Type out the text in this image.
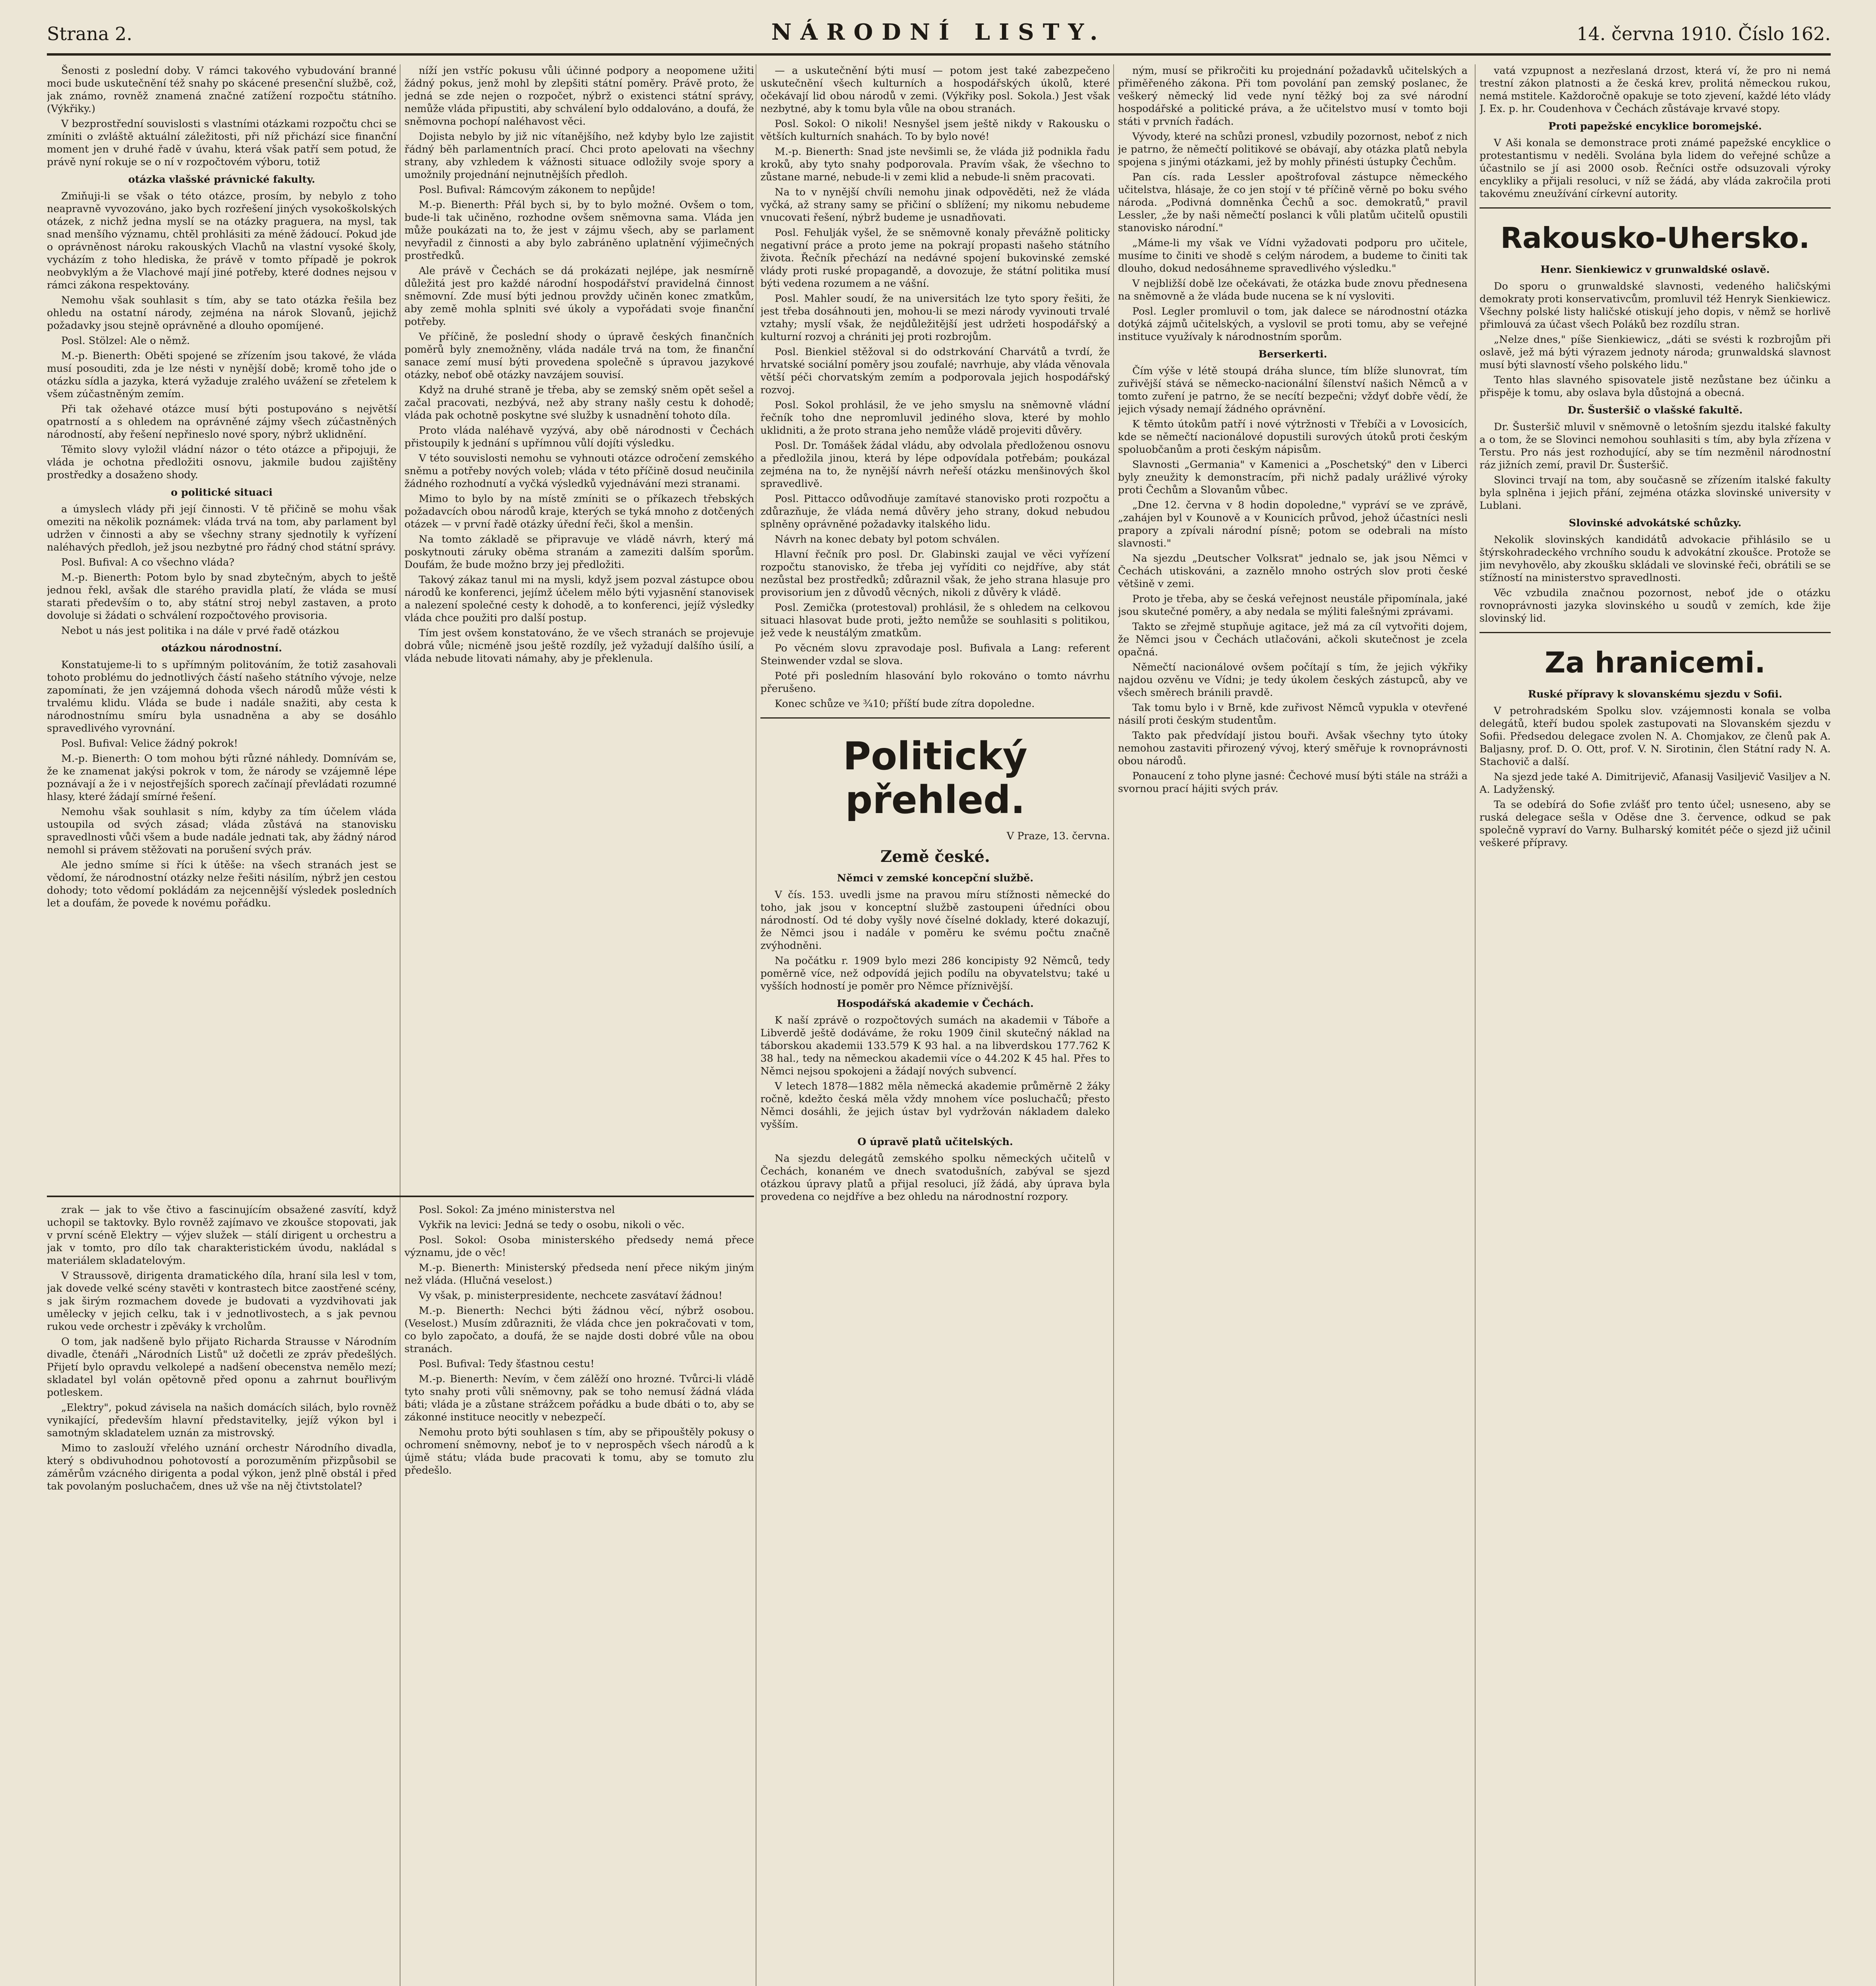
Strana 2.	NÁRODNÍ LISTY.	14. června 1910. Číslo 162.

Šenosti z poslední doby. V rámci takového vybudování branné moci bude uskutečnění též snahy po skácené presenční službě, což, jak známo, rovněž znamená značné zatížení rozpočtu státního. (Výkřiky.)

V bezprostřední souvislosti s vlastními otázkami rozpočtu chci se zmíniti o zvláště aktuální záležitosti, při níž přichází sice finanční moment jen v druhé řadě v úvahu, která však patří sem potud, že právě nyní rokuje se o ní v rozpočtovém výboru, totiž

otázka vlašské právnické fakulty.

Zmiňuji-li se však o této otázce, prosím, by nebylo z toho neapravně vyvozováno, jako bych rozřešení jiných vysokoškolských otázek, z nichž jedna myslí se na otázky praguera, na mysl, tak snad menšího významu, chtěl prohlásiti za méně žádoucí. Pokud jde o oprávněnost nároku rakouských Vlachů na vlastní vysoké školy, vycházím z toho hlediska, že právě v tomto případě je pokrok neobvyklým a že Vlachové mají jiné potřeby, které dodnes nejsou v rámci zákona respektovány.

Nemohu však souhlasit s tím, aby se tato otázka řešila bez ohledu na ostatní národy, zejména na nárok Slovanů, jejichž požadavky jsou stejně oprávněné a dlouho opomíjené.

Posl. Stölzel: Ale o němž.

M.-p. Bienerth: Oběti spojené se zřízením jsou takové, že vláda musí posouditi, zda je lze nésti v nynější době; kromě toho jde o otázku sídla a jazyka, která vyžaduje zralého uvážení se zřetelem k všem zúčastněným zemím.

Při tak ožehavé otázce musí býti postupováno s největší opatrností a s ohledem na oprávněné zájmy všech zúčastněných národností, aby řešení nepřineslo nové spory, nýbrž uklidnění.

Těmito slovy vyložil vládní názor o této otázce a připojuji, že vláda je ochotna předložiti osnovu, jakmile budou zajištěny prostředky a dosaženo shody.

o politické situaci

a úmyslech vlády při její činnosti. V tě přičině se mohu však omeziti na několik poznámek: vláda trvá na tom, aby parlament byl udržen v činnosti a aby se všechny strany sjednotily k vyřízení naléhavých předloh, jež jsou nezbytné pro řádný chod státní správy.

Posl. Bufival: A co všechno vláda?

M.-p. Bienerth: Potom bylo by snad zbytečným, abych to ještě jednou řekl, avšak dle starého pravidla platí, že vláda se musí starati především o to, aby státní stroj nebyl zastaven, a proto dovoluje si žádati o schválení rozpočtového provisoria.

Nebot u nás jest politika i na dále v prvé řadě otázkou

otázkou národnostní.

Konstatujeme-li to s upřímným politováním, že totiž zasahovali tohoto problému do jednotlivých částí našeho státního vývoje, nelze zapomínati, že jen vzájemná dohoda všech národů může vésti k trvalému klidu. Vláda se bude i nadále snažiti, aby cesta k národnostnímu smíru byla usnadněna a aby se dosáhlo spravedlivého vyrovnání.

Posl. Bufival: Velice žádný pokrok!

M.-p. Bienerth: O tom mohou býti různé náhledy. Domnívám se, že ke znamenat jakýsi pokrok v tom, že národy se vzájemně lépe poznávají a že i v nejostřejších sporech začínají převládati rozumné hlasy, které žádají smírné řešení.

Nemohu však souhlasit s ním, kdyby za tím účelem vláda ustoupila od svých zásad; vláda zůstává na stanovisku spravedlnosti vůči všem a bude nadále jednati tak, aby žádný národ nemohl si právem stěžovati na porušení svých práv.

Ale jedno smíme si říci k útěše: na všech stranách jest se vědomí, že národnostní otázky nelze řešiti násilím, nýbrž jen cestou dohody; toto vědomí pokládám za nejcennější výsledek posledních let a doufám, že povede k novému pořádku.

níží jen vstříc pokusu vůli účinné podpory a neopomene užiti žádný pokus, jenž mohl by zlepšiti státní poměry. Právě proto, že jedná se zde nejen o rozpočet, nýbrž o existenci státní správy, nemůže vláda připustiti, aby schválení bylo oddalováno, a doufá, že sněmovna pochopí naléhavost věci.

Dojista nebylo by již nic vítanějšího, než kdyby bylo lze zajistit řádný běh parlamentních prací. Chci proto apelovati na všechny strany, aby vzhledem k vážnosti situace odložily svoje spory a umožnily projednání nejnutnějších předloh.

Posl. Bufival: Rámcovým zákonem to nepůjde!

M.-p. Bienerth: Přál bych si, by to bylo možné. Ovšem o tom, bude-li tak učiněno, rozhodne ovšem sněmovna sama. Vláda jen může poukázati na to, že jest v zájmu všech, aby se parlament nevyřadil z činnosti a aby bylo zabráněno uplatnění výjimečných prostředků.

Ale právě v Čechách se dá prokázati nejlépe, jak nesmírně důležitá jest pro každé národní hospodářství pravidelná činnost sněmovní. Zde musí býti jednou provždy učiněn konec zmatkům, aby země mohla splniti své úkoly a vypořádati svoje finanční potřeby.

Ve příčině, že poslední shody o úpravě českých finančních poměrů byly znemožněny, vláda nadále trvá na tom, že finanční sanace zemí musí býti provedena společně s úpravou jazykové otázky, neboť obě otázky navzájem souvisí.

Když na druhé straně je třeba, aby se zemský sněm opět sešel a začal pracovati, nezbývá, než aby strany našly cestu k dohodě; vláda pak ochotně poskytne své služby k usnadnění tohoto díla.

Proto vláda naléhavě vyzývá, aby obě národnosti v Čechách přistoupily k jednání s upřímnou vůlí dojíti výsledku.

V této souvislosti nemohu se vyhnouti otázce odročení zemského sněmu a potřeby nových voleb; vláda v této příčině dosud neučinila žádného rozhodnutí a vyčká výsledků vyjednávání mezi stranami.

Mimo to bylo by na místě zmíniti se o příkazech třebských požadavcích obou národů kraje, kterých se tyká mnoho z dotčených otázek — v první řadě otázky úřední řeči, škol a menšin.

Na tomto základě se připravuje ve vládě návrh, který má poskytnouti záruky oběma stranám a zameziti dalším sporům. Doufám, že bude možno brzy jej předložiti.

Takový zákaz tanul mi na mysli, když jsem pozval zástupce obou národů ke konferenci, jejímž účelem mělo býti vyjasnění stanovisek a nalezení společné cesty k dohodě, a to konferenci, jejíž výsledky vláda chce použiti pro další postup.

Tím jest ovšem konstatováno, že ve všech stranách se projevuje dobrá vůle; nicméně jsou ještě rozdíly, jež vyžadují dalšího úsilí, a vláda nebude litovati námahy, aby je překlenula.

zrak — jak to vše čtivo a fascinujícím obsažené zasvítí, když uchopil se taktovky. Bylo rovněž zajímavo ve zkoušce stopovati, jak v první scéně Elektry — výjev služek — stálí dirigent u orchestru a jak v tomto, pro dílo tak charakteristickém úvodu, nakládal s materiálem skladatelovým.

V Straussově, dirigenta dramatického díla, hraní sila lesl v tom, jak dovede velké scény stavěti v kontrastech bitce zaostřené scény, s jak širým rozmachem dovede je budovati a vyzdvihovati jak umělecky v jejich celku, tak i v jednotlivostech, a s jak pevnou rukou vede orchestr i zpěváky k vrcholům.

O tom, jak nadšeně bylo přijato Richarda Strausse v Národním divadle, čtenáři „Národních Listů" už dočetli ze zpráv předešlých. Přijetí bylo opravdu velkolepé a nadšení obecenstva nemělo mezí; skladatel byl volán opětovně před oponu a zahrnut bouřlivým potleskem.

„Elektry", pokud závisela na našich domácích silách, bylo rovněž vynikající, především hlavní představitelky, jejíž výkon byl i samotným skladatelem uznán za mistrovský.

Mimo to zaslouží vřelého uznání orchestr Národního divadla, který s obdivuhodnou pohotovostí a porozuměním přizpůsobil se záměrům vzácného dirigenta a podal výkon, jenž plně obstál i před tak povolaným posluchačem, dnes už vše na něj čtivtstolatel?

Posl. Sokol: Za jméno ministerstva nel

Vykřik na levici: Jedná se tedy o osobu, nikoli o věc.

Posl. Sokol: Osoba ministerského předsedy nemá přece významu, jde o věc!

M.-p. Bienerth: Ministerský předseda není přece nikým jiným než vláda. (Hlučná veselost.)

Vy však, p. ministerpresidente, nechcete zasvátaví žádnou!

M.-p. Bienerth: Nechci býti žádnou věcí, nýbrž osobou. (Veselost.) Musím zdůrazniti, že vláda chce jen pokračovati v tom, co bylo započato, a doufá, že se najde dosti dobré vůle na obou stranách.

Posl. Bufival: Tedy šťastnou cestu!

M.-p. Bienerth: Nevím, v čem zálěží ono hrozné. Tvůrci-li vládě tyto snahy proti vůli sněmovny, pak se toho nemusí žádná vláda báti; vláda je a zůstane strážcem pořádku a bude dbáti o to, aby se zákonné instituce neocitly v nebezpečí.

Nemohu proto býti souhlasen s tím, aby se připouštěly pokusy o ochromení sněmovny, neboť je to v neprospěch všech národů a k újmě státu; vláda bude pracovati k tomu, aby se tomuto zlu předešlo.

— a uskutečnění býti musí — potom jest také zabezpečeno uskutečnění všech kulturních a hospodářských úkolů, které očekávají lid obou národů v zemi. (Výkřiky posl. Sokola.) Jest však nezbytné, aby k tomu byla vůle na obou stranách.

Posl. Sokol: O nikoli! Nesnyšel jsem ještě nikdy v Rakousku o větších kulturních snahách. To by bylo nové!

M.-p. Bienerth: Snad jste nevšimli se, že vláda již podnikla řadu kroků, aby tyto snahy podporovala. Pravím však, že všechno to zůstane marné, nebude-li v zemi klid a nebude-li sněm pracovati.

Na to v nynější chvíli nemohu jinak odpověděti, než že vláda vyčká, až strany samy se přičiní o sblížení; my nikomu nebudeme vnucovati řešení, nýbrž budeme je usnadňovati.

Posl. Fehulják vyšel, že se sněmovně konaly převážně politicky negativní práce a proto jeme na pokrají propasti našeho státního života. Řečník přechází na nedávné spojení bukovinské zemské vlády proti ruské propagandě, a dovozuje, že státní politika musí býti vedena rozumem a ne vášní.

Posl. Mahler soudí, že na universitách lze tyto spory řešiti, že jest třeba dosáhnouti jen, mohou-li se mezi národy vyvinouti trvalé vztahy; myslí však, že nejdůležitější jest udržeti hospodářský a kulturní rozvoj a chrániti jej proti rozbrojům.

Posl. Bienkiel stěžoval si do odstrkování Charvátů a tvrdí, že hrvatské sociální poměry jsou zoufalé; navrhuje, aby vláda věnovala větší péči chorvatským zemím a podporovala jejich hospodářský rozvoj.

Posl. Sokol prohlásil, že ve jeho smyslu na sněmovně vládní řečník toho dne nepromluvil jediného slova, které by mohlo uklidniti, a že proto strana jeho nemůže vládě projeviti důvěry.

Posl. Dr. Tomášek žádal vládu, aby odvolala předloženou osnovu a předložila jinou, která by lépe odpovídala potřebám; poukázal zejména na to, že nynější návrh neřeší otázku menšinových škol spravedlivě.

Posl. Pittacco odůvodňuje zamítavé stanovisko proti rozpočtu a zdůrazňuje, že vláda nemá důvěry jeho strany, dokud nebudou splněny oprávněné požadavky italského lidu.

Návrh na konec debaty byl potom schválen.

Hlavní řečník pro posl. Dr. Glabinski zaujal ve věci vyřízení rozpočtu stanovisko, že třeba jej vyříditi co nejdříve, aby stát nezůstal bez prostředků; zdůraznil však, že jeho strana hlasuje pro provisorium jen z důvodů věcných, nikoli z důvěry k vládě.

Posl. Zemička (protestoval) prohlásil, že s ohledem na celkovou situaci hlasovat bude proti, ježto nemůže se souhlasiti s politikou, jež vede k neustálým zmatkům.

Po věcném slovu zpravodaje posl. Bufivala a Lang: referent Steinwender vzdal se slova.

Poté při posledním hlasování bylo rokováno o tomto návrhu přerušeno.

Konec schůze ve ¾10; příští bude zítra dopoledne.

Politický přehled.

V Praze, 13. června.

Země české.

Němci v zemské koncepční službě.

V čís. 153. uvedli jsme na pravou míru stížnosti německé do toho, jak jsou v konceptní službě zastoupeni úředníci obou národností. Od té doby vyšly nové číselné doklady, které dokazují, že Němci jsou i nadále v poměru ke svému počtu značně zvýhodněni.

Na počátku r. 1909 bylo mezi 286 koncipisty 92 Němců, tedy poměrně více, než odpovídá jejich podílu na obyvatelstvu; také u vyšších hodností je poměr pro Němce příznivější.

Hospodářská akademie v Čechách.

K naší zprávě o rozpočtových sumách na akademii v Táboře a Libverdě ještě dodáváme, že roku 1909 činil skutečný náklad na táborskou akademii 133.579 K 93 hal. a na libverdskou 177.762 K 38 hal., tedy na německou akademii více o 44.202 K 45 hal. Přes to Němci nejsou spokojeni a žádají nových subvencí.

V letech 1878—1882 měla německá akademie průměrně 2 žáky ročně, kdežto česká měla vždy mnohem více posluchačů; přesto Němci dosáhli, že jejich ústav byl vydržován nákladem daleko vyšším.

O úpravě platů učitelských.

Na sjezdu delegátů zemského spolku německých učitelů v Čechách, konaném ve dnech svatodušních, zabýval se sjezd otázkou úpravy platů a přijal resoluci, jíž žádá, aby úprava byla provedena co nejdříve a bez ohledu na národnostní rozpory.

ným, musí se přikročiti ku projednání požadavků učitelských a přiměřeného zákona. Při tom povolání pan zemský poslanec, že veškerý německý lid vede nyní těžký boj za své národní hospodářské a politické práva, a že učitelstvo musí v tomto boji státi v prvních řadách.

Vývody, které na schůzi pronesl, vzbudily pozornost, neboť z nich je patrno, že němečtí politikové se obávají, aby otázka platů nebyla spojena s jinými otázkami, jež by mohly přinésti ústupky Čechům.

Pan cís. rada Lessler apoštrofoval zástupce německého učitelstva, hlásaje, že co jen stojí v té příčině věrně po boku svého národa. „Podivná domněnka Čechů a soc. demokratů," pravil Lessler, „že by naši němečtí poslanci k vůli platům učitelů opustili stanovisko národní."

„Máme-li my však ve Vídni vyžadovati podporu pro učitele, musíme to činiti ve shodě s celým národem, a budeme to činiti tak dlouho, dokud nedosáhneme spravedlivého výsledku."

V nejbližší době lze očekávati, že otázka bude znovu přednesena na sněmovně a že vláda bude nucena se k ní vysloviti.

Posl. Legler promluvil o tom, jak dalece se národnostní otázka dotýká zájmů učitelských, a vyslovil se proti tomu, aby se veřejné instituce využívaly k národnostním sporům.

Berserkerti.

Čím výše v létě stoupá dráha slunce, tím blíže slunovrat, tím zuřivější stává se německo-nacionální šílenství našich Němců a v tomto zuření je patrno, že se necítí bezpečni; vždyť dobře vědí, že jejich výsady nemají žádného oprávnění.

K těmto útokům patří i nové výtržnosti v Třebíči a v Lovosicích, kde se němečtí nacionálové dopustili surových útoků proti českým spoluobčanům a proti českým nápisům.

Slavnosti „Germania" v Kamenici a „Poschetský" den v Liberci byly zneužity k demonstracím, při nichž padaly urážlivé výroky proti Čechům a Slovanům vůbec.

„Dne 12. června v 8 hodin dopoledne," vypráví se ve zprávě, „zahájen byl v Kounově a v Kounicích průvod, jehož účastníci nesli prapory a zpívali národní písně; potom se odebrali na místo slavnosti."

Na sjezdu „Deutscher Volksrat" jednalo se, jak jsou Němci v Čechách utiskováni, a zaznělo mnoho ostrých slov proti české většině v zemi.

Proto je třeba, aby se česká veřejnost neustále připomínala, jaké jsou skutečné poměry, a aby nedala se mýliti falešnými zprávami.

Takto se zřejmě stupňuje agitace, jež má za cíl vytvořiti dojem, že Němci jsou v Čechách utlačováni, ačkoli skutečnost je zcela opačná.

Němečtí nacionálové ovšem počítají s tím, že jejich výkřiky najdou ozvěnu ve Vídni; je tedy úkolem českých zástupců, aby ve všech směrech bránili pravdě.

Tak tomu bylo i v Brně, kde zuřivost Němců vypukla v otevřené násilí proti českým studentům.

Takto pak předvídají jistou bouři. Avšak všechny tyto útoky nemohou zastaviti přirozený vývoj, který směřuje k rovnoprávnosti obou národů.

Ponaucení z toho plyne jasné: Čechové musí býti stále na stráži a svornou prací hájiti svých práv.

vatá vzpupnost a nezřeslaná drzost, která ví, že pro ni nemá trestní zákon platnosti a že česká krev, prolitá německou rukou, nemá mstitele. Každoročně opakuje se toto zjevení, každé léto vlády J. Ex. p. hr. Coudenhova v Čechách zůstávaje krvavé stopy.

Proti papežské encyklice boromejské.

V Aši konala se demonstrace proti známé papežské encyklice o protestantismu v neděli. Svolána byla lidem do veřejné schůze a účastnilo se jí asi 2000 osob. Řečníci ostře odsuzovali výroky encykliky a přijali resoluci, v níž se žádá, aby vláda zakročila proti takovému zneužívání církevní autority.

Rakousko-Uhersko.

Henr. Sienkiewicz v grunwaldské oslavě.

Do sporu o grunwaldské slavnosti, vedeného haličskými demokraty proti konservativcům, promluvil též Henryk Sienkiewicz. Všechny polské listy haličské otiskují jeho dopis, v němž se horlivě přimlouvá za účast všech Poláků bez rozdílu stran.

„Nelze dnes," píše Sienkiewicz, „dáti se svésti k rozbrojům při oslavě, jež má býti výrazem jednoty národa; grunwaldská slavnost musí býti slavností všeho polského lidu."

Tento hlas slavného spisovatele jistě nezůstane bez účinku a přispěje k tomu, aby oslava byla důstojná a obecná.

Dr. Šusteršič o vlašské fakultě.

Dr. Šusteršič mluvil v sněmovně o letošním sjezdu italské fakulty a o tom, že se Slovinci nemohou souhlasiti s tím, aby byla zřízena v Terstu. Pro nás jest rozhodující, aby se tím nezměnil národnostní ráz jižních zemí, pravil Dr. Šusteršič.

Slovinci trvají na tom, aby současně se zřízením italské fakulty byla splněna i jejich přání, zejména otázka slovinské university v Lublani.

Slovinské advokátské schůzky.

Nekolik slovinských kandidátů advokacie přihlásilo se u štýrskohradeckého vrchního soudu k advokátní zkoušce. Protože se jim nevyhovělo, aby zkoušku skládali ve slovinské řeči, obrátili se se stížností na ministerstvo spravedlnosti.

Věc vzbudila značnou pozornost, neboť jde o otázku rovnoprávnosti jazyka slovinského u soudů v zemích, kde žije slovinský lid.

Za hranicemi.

Ruské přípravy k slovanskému sjezdu v Sofii.

V petrohradském Spolku slov. vzájemnosti konala se volba delegátů, kteří budou spolek zastupovati na Slovanském sjezdu v Sofii. Předsedou delegace zvolen N. A. Chomjakov, ze členů pak A. Baljasny, prof. D. O. Ott, prof. V. N. Sirotinin, člen Státní rady N. A. Stachovič a další.

Na sjezd jede také A. Dimitrijevič, Afanasij Vasiljevič Vasiljev a N. A. Ladyženský.

Ta se odebírá do Sofie zvlášť pro tento účel; usneseno, aby se ruská delegace sešla v Oděse dne 3. července, odkud se pak společně vypraví do Varny. Bulharský komitét péče o sjezd již učinil veškeré přípravy.
